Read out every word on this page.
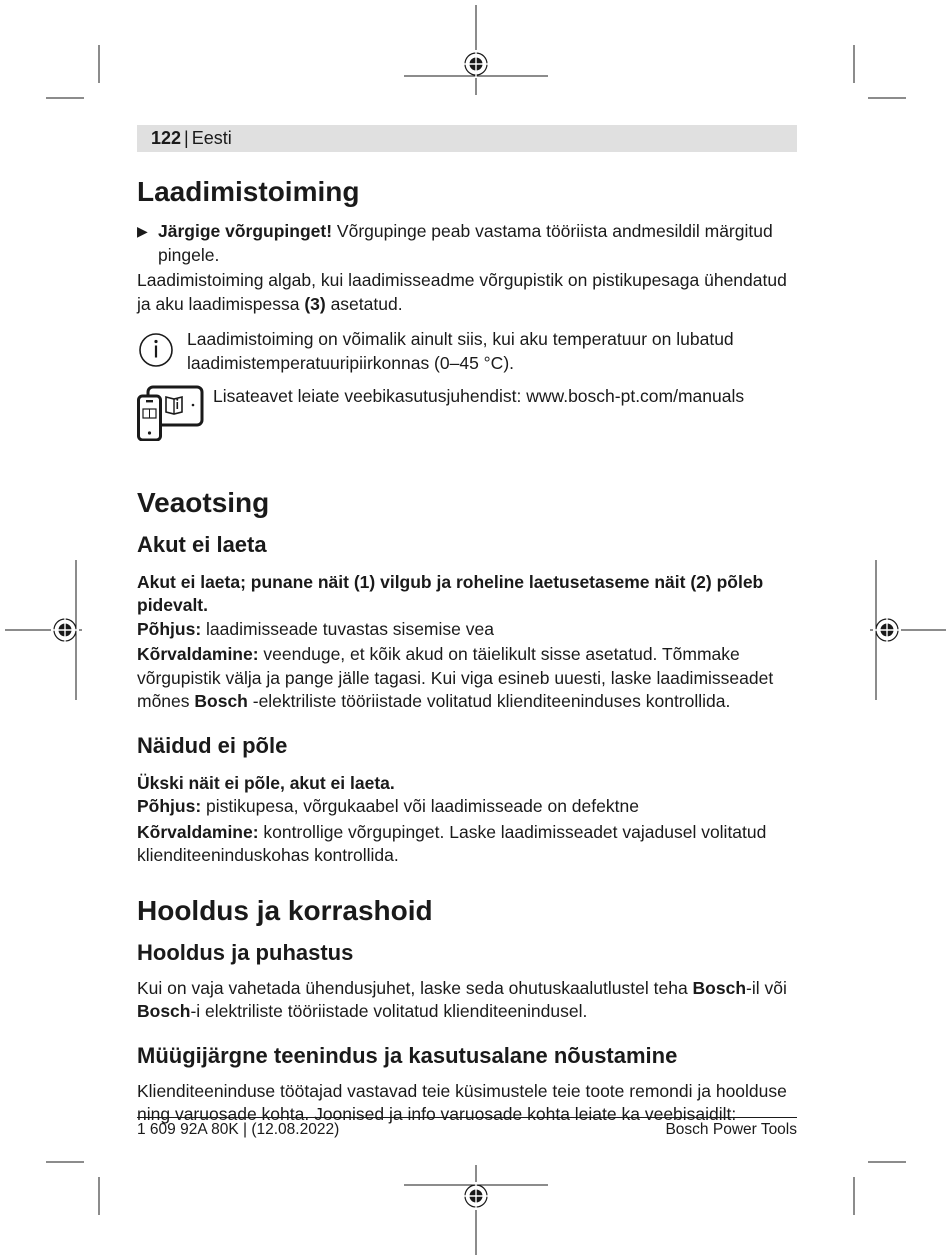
122 | Eesti
Laadimistoiming
▶ Järgige võrgupinget! Võrgupinge peab vastama tööriista andmesildil märgitud pingele.

Laadimistoiming algab, kui laadimisseadme võrgupistik on pistikupesaga ühendatud ja aku laadimispessa (3) asetatud.

Laadimistoiming on võimalik ainult siis, kui aku temperatuur on lubatud laadimistemperatuuripiirkonnas (0–45 °C).
Lisateavet leiate veebikasutusjuhendist: www.bosch-pt.com/manuals
Veaotsing
Akut ei laeta

Akut ei laeta; punane näit (1) vilgub ja roheline laetusetaseme näit (2) põleb pidevalt.

Põhjus: laadimisseade tuvastas sisemise vea

Kõrvaldamine: veenduge, et kõik akud on täielikult sisse asetatud. Tõmmake võrgupistik välja ja pange jälle tagasi. Kui viga esineb uuesti, laske laadimisseadet mõnes Bosch -elektriliste tööriistade volitatud klienditeeninduses kontrollida.

Näidud ei põle

Ükski näit ei põle, akut ei laeta.

Põhjus: pistikupesa, võrgukaabel või laadimisseade on defektne

Kõrvaldamine: kontrollige võrgupinget. Laske laadimisseadet vajadusel volitatud klienditeeninduskohas kontrollida.

Hooldus ja korrashoid
Hooldus ja puhastus

Kui on vaja vahetada ühendusjuhet, laske seda ohutuskaalutlustel teha Bosch-il või Bosch-i elektriliste tööriistade volitatud klienditeenindusel.

Müügijärgne teenindus ja kasutusalane nõustamine

Klienditeeninduse töötajad vastavad teie küsimustele teie toote remondi ja hoolduse ning varuosade kohta. Joonised ja info varuosade kohta leiate ka veebisaidilt:

1 609 92A 80K | (12.08.2022)	Bosch Power Tools
